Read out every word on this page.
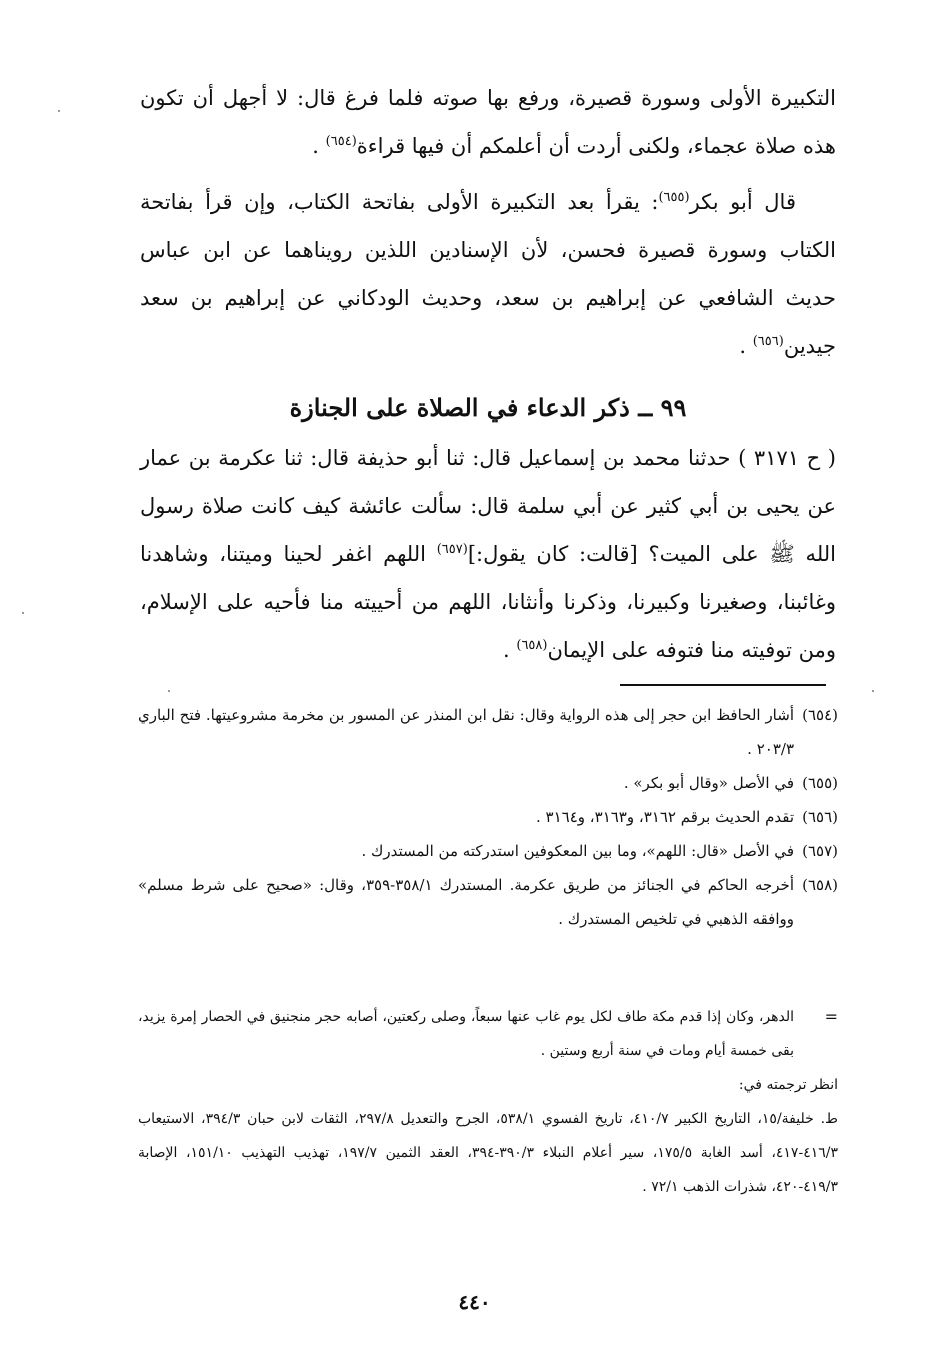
التكبيرة الأولى وسورة قصيرة، ورفع بها صوته فلما فرغ قال: لا أجهل أن تكون هذه صلاة عجماء، ولكنى أردت أن أعلمكم أن فيها قراءة$^{(٦٥٤)}$ .

قال أبو بكر$^{(٦٥٥)}$: يقرأ بعد التكبيرة الأولى بفاتحة الكتاب، وإن قرأ بفاتحة الكتاب وسورة قصيرة فحسن، لأن الإسنادين اللذين رويناهما عن ابن عباس حديث الشافعي عن إبراهيم بن سعد، وحديث الودكاني عن إبراهيم بن سعد جيدين$^{(٦٥٦)}$ .

٩٩ ــ ذكر الدعاء في الصلاة على الجنازة

( ح ٣١٧١ ) حدثنا محمد بن إسماعيل قال: ثنا أبو حذيفة قال: ثنا عكرمة بن عمار عن يحيى بن أبي كثير عن أبي سلمة قال: سألت عائشة كيف كانت صلاة رسول الله ﷺ على الميت؟ [قالت: كان يقول:]$^{(٦٥٧)}$ اللهم اغفر لحينا وميتنا، وشاهدنا وغائبنا، وصغيرنا وكبيرنا، وذكرنا وأنثانا، اللهم من أحييته منا فأحيه على الإسلام، ومن توفيته منا فتوفه على الإيمان$^{(٦٥٨)}$ .

(٦٥٤)
أشار الحافظ ابن حجر إلى هذه الرواية وقال: نقل ابن المنذر عن المسور بن مخرمة مشروعيتها. فتح الباري ٢٠٣/٣ .
(٦٥٥)
في الأصل «وقال أبو بكر» .
(٦٥٦)
تقدم الحديث برقم ٣١٦٢، و٣١٦٣، و٣١٦٤ .
(٦٥٧)
في الأصل «قال: اللهم»، وما بين المعكوفين استدركته من المستدرك .
(٦٥٨)
أخرجه الحاكم في الجنائز من طريق عكرمة. المستدرك ٣٥٨/١-٣٥٩، وقال: «صحيح على شرط مسلم» ووافقه الذهبي في تلخيص المستدرك .
=
الدهر، وكان إذا قدم مكة طاف لكل يوم غاب عنها سبعاً، وصلى ركعتين، أصابه حجر منجنيق في الحصار إمرة يزيد، بقى خمسة أيام ومات في سنة أربع وستين .

انظر ترجمته في:

ط. خليفة/١٥، التاريخ الكبير ٤١٠/٧، تاريخ الفسوي ٥٣٨/١، الجرح والتعديل ٢٩٧/٨، الثقات لابن حبان ٣٩٤/٣، الاستيعاب ٤١٦/٣-٤١٧، أسد الغابة ١٧٥/٥، سير أعلام النبلاء ٣٩٠/٣-٣٩٤، العقد الثمين ١٩٧/٧، تهذيب التهذيب ١٥١/١٠، الإصابة ٤١٩/٣-٤٢٠، شذرات الذهب ٧٢/١ .

٤٤٠
